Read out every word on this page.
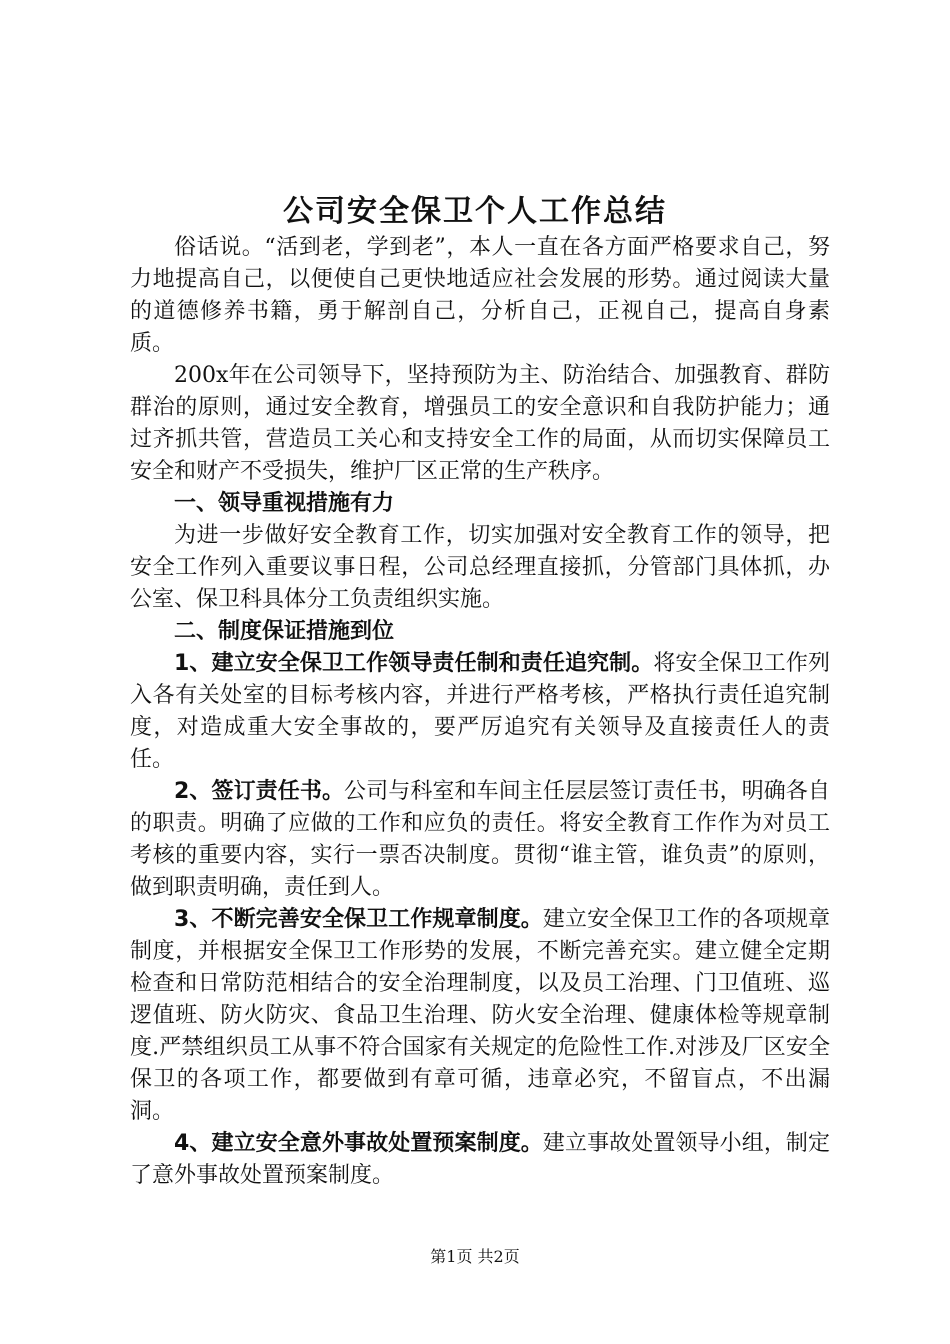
公司安全保卫个人工作总结

俗话说。“活到老，学到老”，本人一直在各方面严格要求自己，努力地提高自己，以便使自己更快地适应社会发展的形势。通过阅读大量的道德修养书籍，勇于解剖自己，分析自己，正视自己，提高自身素质。

200x年在公司领导下，坚持预防为主、防治结合、加强教育、群防群治的原则，通过安全教育，增强员工的安全意识和自我防护能力；通过齐抓共管，营造员工关心和支持安全工作的局面，从而切实保障员工安全和财产不受损失，维护厂区正常的生产秩序。

一、领导重视措施有力

为进一步做好安全教育工作，切实加强对安全教育工作的领导，把安全工作列入重要议事日程，公司总经理直接抓，分管部门具体抓，办公室、保卫科具体分工负责组织实施。

二、制度保证措施到位

1、建立安全保卫工作领导责任制和责任追究制。将安全保卫工作列入各有关处室的目标考核内容，并进行严格考核，严格执行责任追究制度，对造成重大安全事故的，要严厉追究有关领导及直接责任人的责任。

2、签订责任书。公司与科室和车间主任层层签订责任书，明确各自的职责。明确了应做的工作和应负的责任。将安全教育工作作为对员工考核的重要内容，实行一票否决制度。贯彻“谁主管，谁负责”的原则，做到职责明确，责任到人。

3、不断完善安全保卫工作规章制度。建立安全保卫工作的各项规章制度，并根据安全保卫工作形势的发展，不断完善充实。建立健全定期检查和日常防范相结合的安全治理制度，以及员工治理、门卫值班、巡逻值班、防火防灾、食品卫生治理、防火安全治理、健康体检等规章制度.严禁组织员工从事不符合国家有关规定的危险性工作.对涉及厂区安全保卫的各项工作，都要做到有章可循，违章必究，不留盲点，不出漏洞。

4、建立安全意外事故处置预案制度。建立事故处置领导小组，制定了意外事故处置预案制度。

第1页 共2页
